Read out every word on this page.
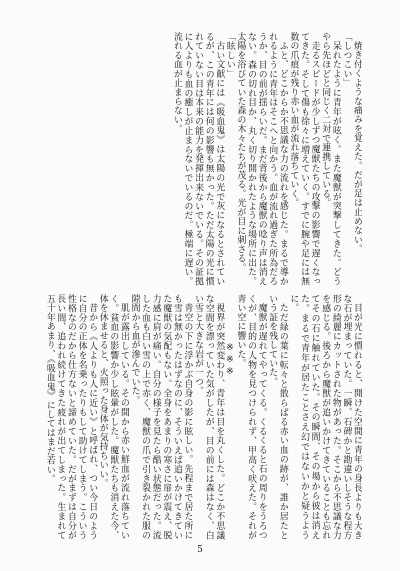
焼き付くような痛みを覚えた。だが足は止めない。

「しつこい」

呆れたように青年が呟く。また魔獣が突撃してきた。どうやら先ほどと同じく二対で連携している。

走るスピードが少しずつ魔獣たちの攻撃の影響で遅くなってきた。そして傷も徐々に増えていく。すでに腕や足には無数の爪痕が残り赤い血が流れ落ちていく。

ふと、どこからか不思議な力の流れを感じた。まるで導かれるように青年はそこへと向かう。血が流れ過ぎた所為だろうか、目の前が揺らいだ。まだ背後から魔獣の唸り声は消えない。森の切れ目か、丸く切り開かれたような場所に出た。太陽を浴びていた森の木々たちが茂る。光が目に刺さる。

「眩しい」

古い文献には《吸血鬼》は太陽の光で灰になるとされているが、この青年には何の影響も無かった。ただ太陽の光に慣れていない目は本来の能力を発揮出来ないでいる。その証拠に人よりも血の癒しが止まらないでいるのだ。極端に遅い。流れる血が止まらない。

目が光に慣れると、開けた空間に青年の身長よりも大きな石が埋まっていた。一瞬、石碑かと勘違いしそうな程方形の綺麗にカットされた物があった。そこから不思議な力を感じる。後ろから魔獣が追いかけてきていることも忘れてその石に触れていた。その瞬間、その場から彼は消えた。まるで青年が居たことさえ幻ではないかと疑うように。

ただ緑の葉に転々と散らばる赤い血の跡が、誰か居たという証を残していた。

魔獣が遅れてやってくる。くるくると石の周りをうろつくが、目的の人物を見つけられず、甲高く吠えた。それが青い空に響いた。

※※※

視界が突然変わり、青年は目を丸くした。どこか不思議な空間を漂っていた気がしたが、目の前には森はなく、白い雪と大きな岩が一つ。

青空の下に浮かぶ自身の影に眩しい。先程まで居た所にも雪は無かったはずなのに、そういえば追いかけてきていた魔獣の気配もない。全身をあまりの寒さに扉が震え、脱力感に肩が痛い。自分の様子を見たら酷い状態だった。流した血も白い雪の上で赤く、魔獣の爪で引き裂かれた服の隙間から血が滲んでいた。

肌が露出している。その間から赤い鮮血が流れ落ちていく。貧血の影響か少し眩暈がした。魔獣たちも消えた今、体を休ませると、火照った身体が気持ちいい。

昔から《人よりも人に近い》と呼ばれ、つい今日のように自分の正体を名乗ったりもして助けてしまう。こういう性格なのだから仕方ないと諦めていた。だがまずは自分が長い間、追われ続けてきた疲れが出てしまった。生まれて五十年あまり、《吸血鬼》にしてはまだ若い。

5
